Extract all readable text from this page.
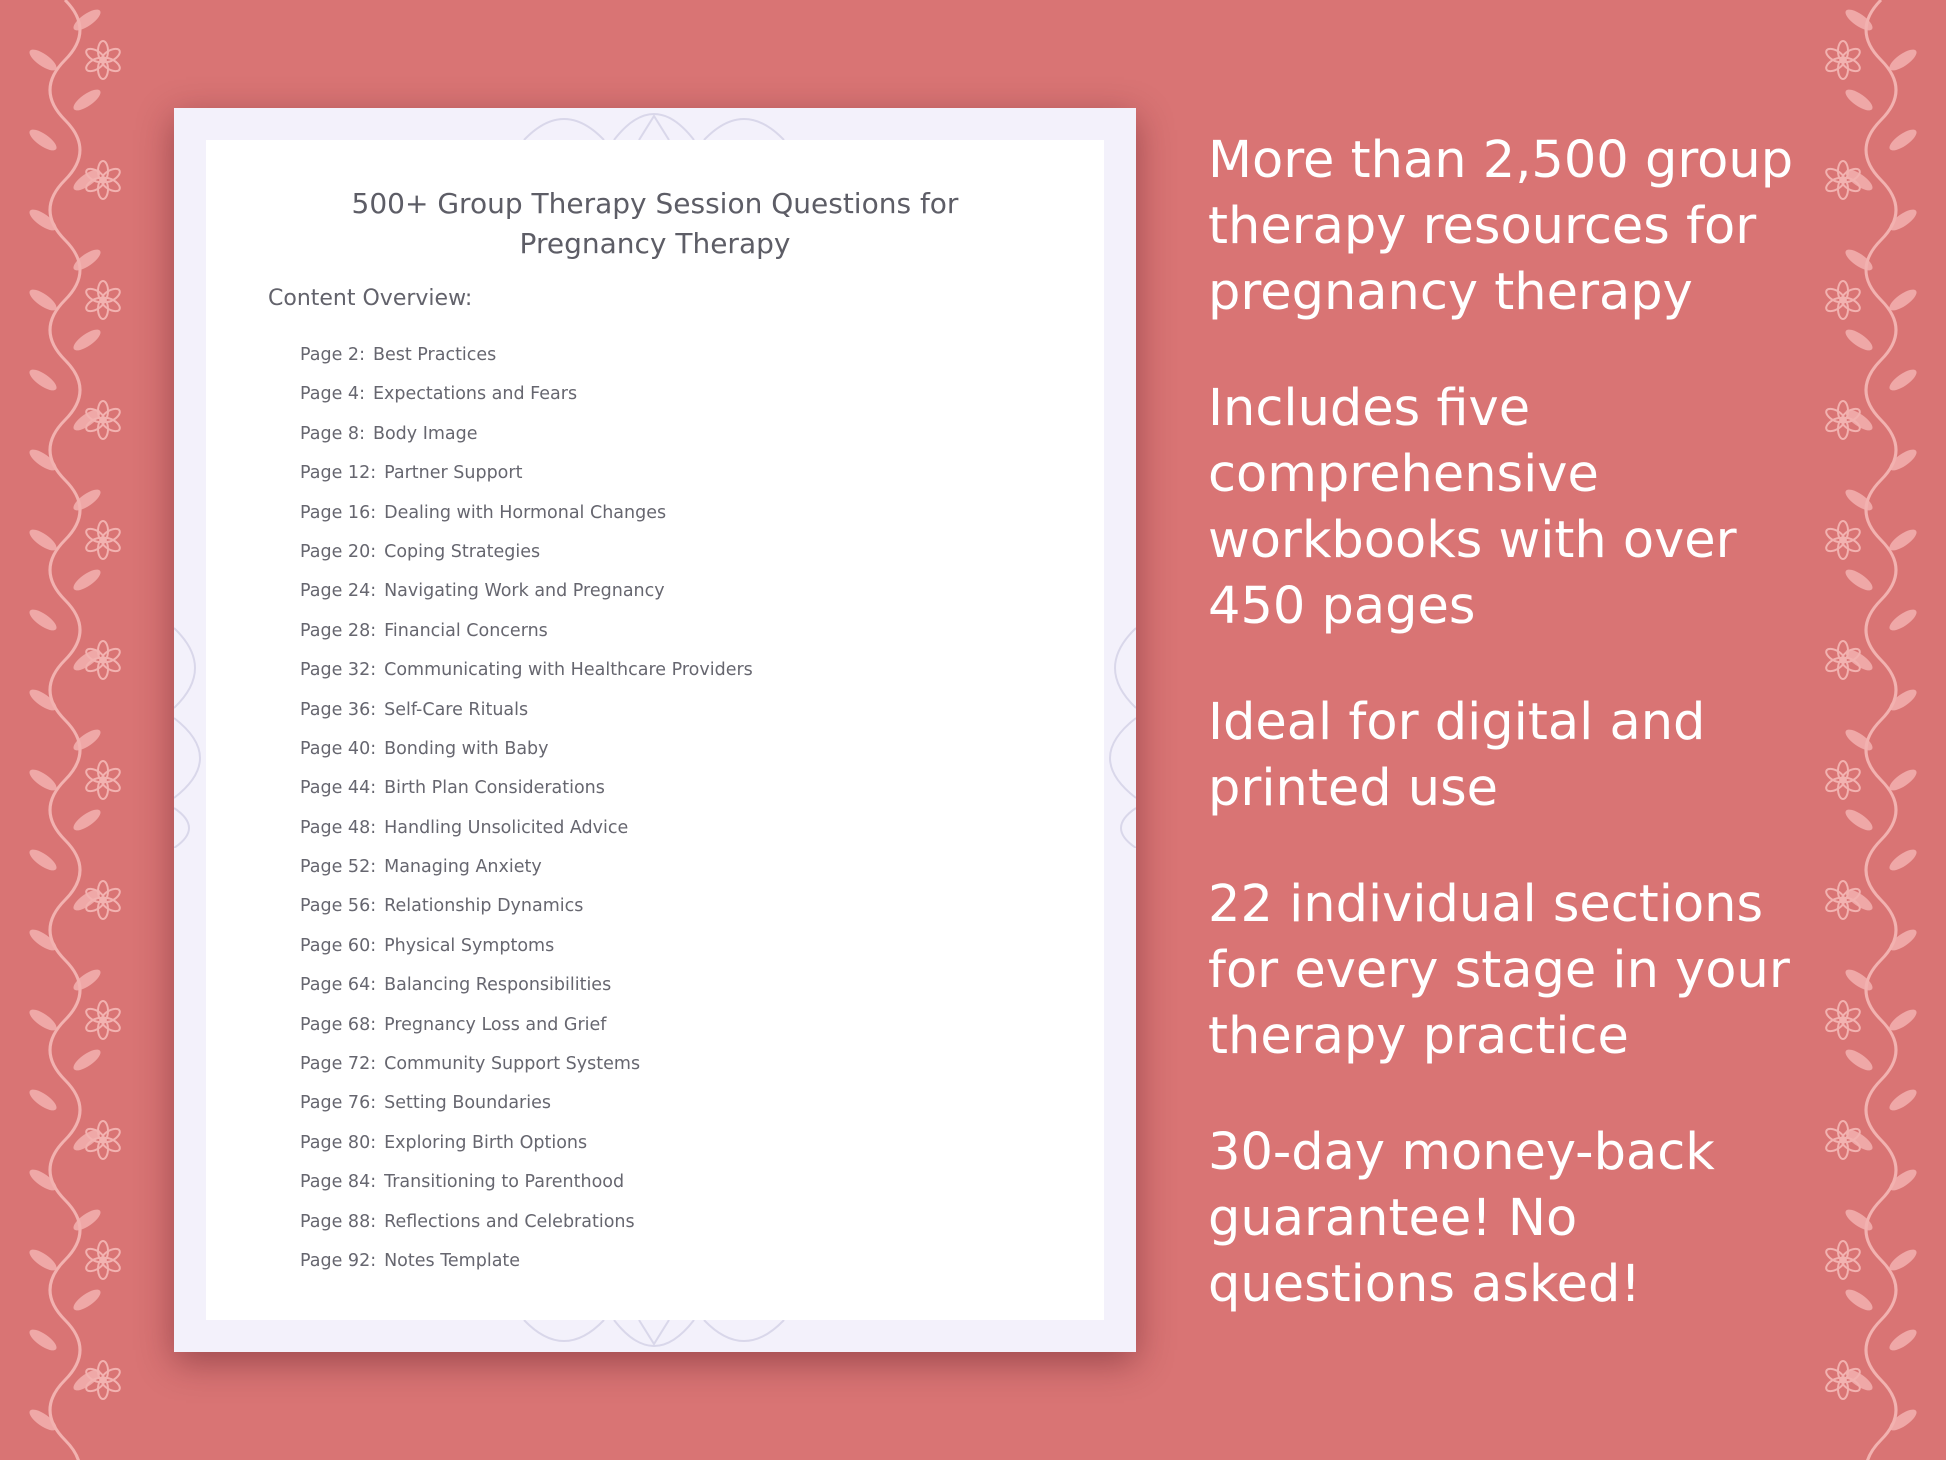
500+ Group Therapy Session Questions for
Pregnancy Therapy

Content Overview:

Page 2: Best Practices
Page 4: Expectations and Fears
Page 8: Body Image
Page 12: Partner Support
Page 16: Dealing with Hormonal Changes
Page 20: Coping Strategies
Page 24: Navigating Work and Pregnancy
Page 28: Financial Concerns
Page 32: Communicating with Healthcare Providers
Page 36: Self-Care Rituals
Page 40: Bonding with Baby
Page 44: Birth Plan Considerations
Page 48: Handling Unsolicited Advice
Page 52: Managing Anxiety
Page 56: Relationship Dynamics
Page 60: Physical Symptoms
Page 64: Balancing Responsibilities
Page 68: Pregnancy Loss and Grief
Page 72: Community Support Systems
Page 76: Setting Boundaries
Page 80: Exploring Birth Options
Page 84: Transitioning to Parenthood
Page 88: Reflections and Celebrations
Page 92: Notes Template

More than 2,500 group therapy resources for pregnancy therapy

Includes five comprehensive workbooks with over 450 pages

Ideal for digital and printed use

22 individual sections for every stage in your therapy practice

30-day money-back guarantee! No questions asked!
